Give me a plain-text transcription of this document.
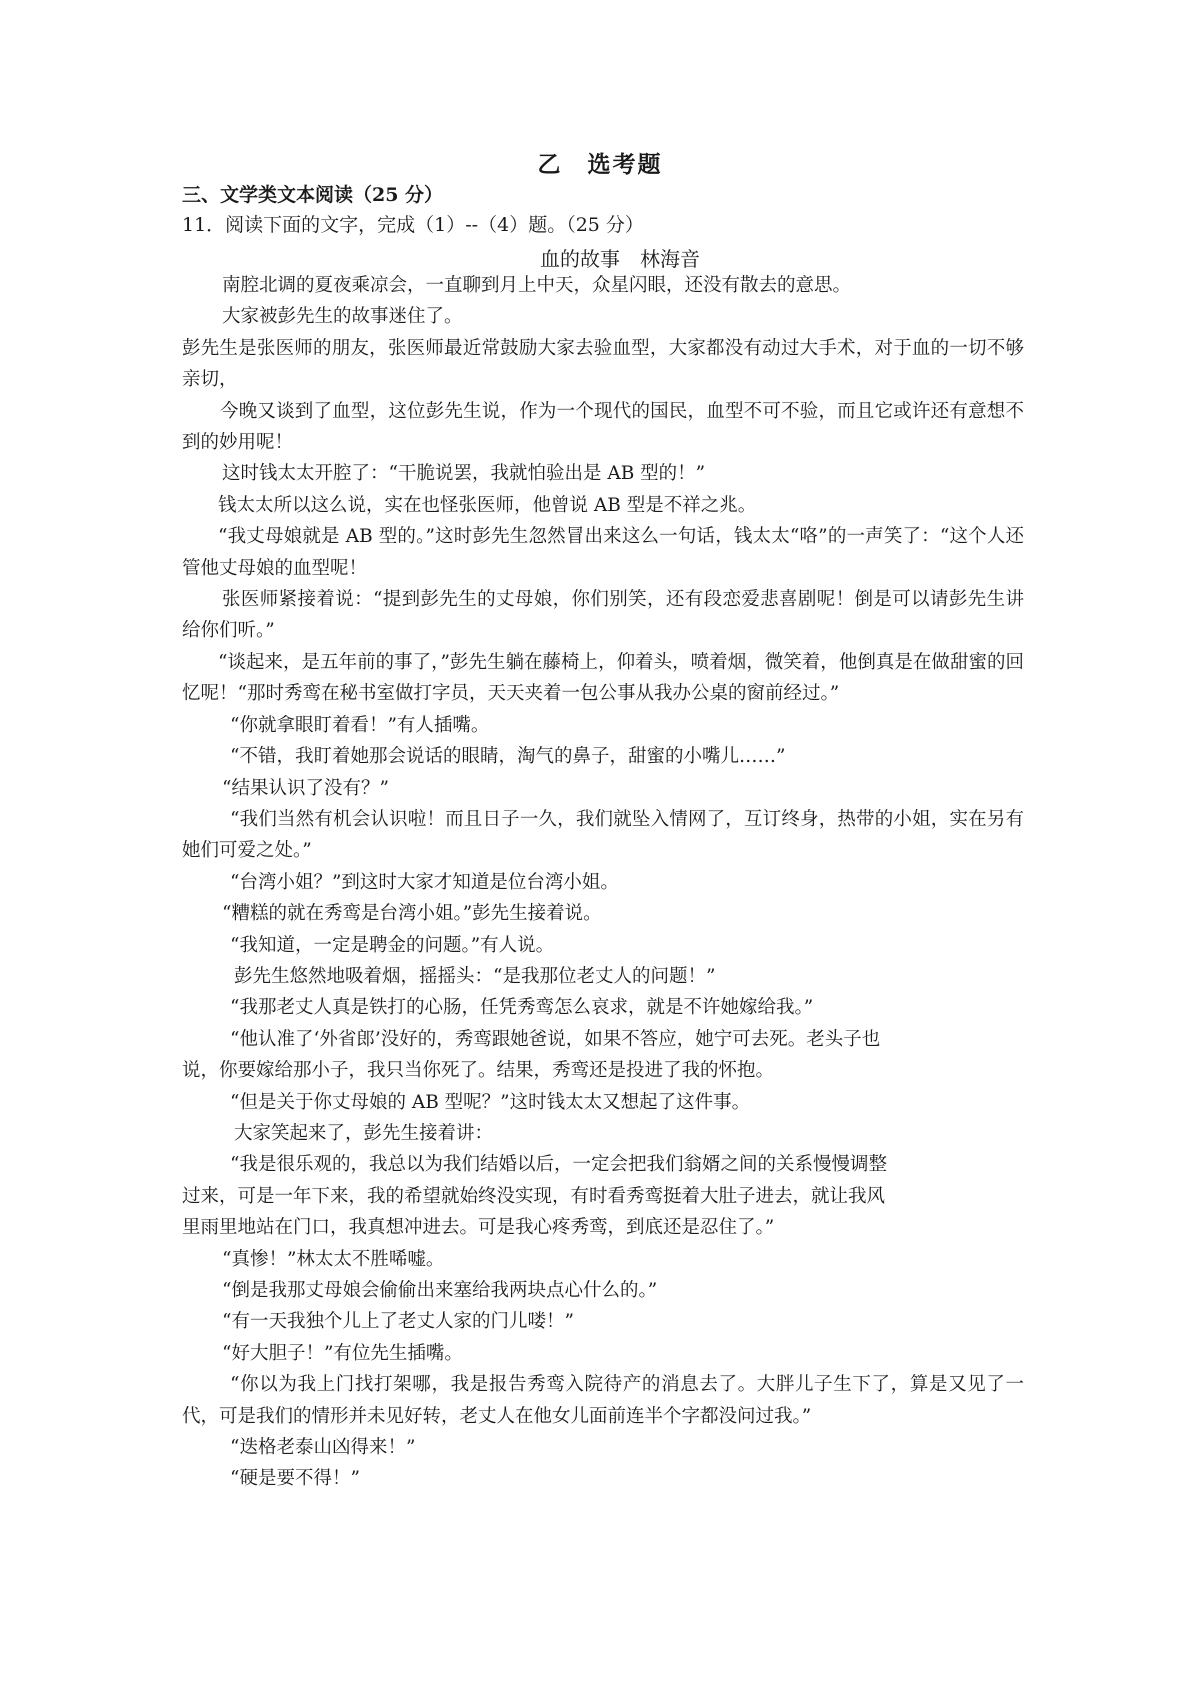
乙　选考题
三、文学类文本阅读（25 分）
11．阅读下面的文字，完成（1）--（4）题。（25 分）
血的故事　林海音

南腔北调的夏夜乘凉会，一直聊到月上中天，众星闪眼，还没有散去的意思。

大家被彭先生的故事迷住了。

彭先生是张医师的朋友，张医师最近常鼓励大家去验血型，大家都没有动过大手术，对于血的一切不够亲切，

今晚又谈到了血型，这位彭先生说，作为一个现代的国民，血型不可不验，而且它或许还有意想不到的妙用呢！

这时钱太太开腔了：“干脆说罢，我就怕验出是 AB 型的！”

钱太太所以这么说，实在也怪张医师，他曾说 AB 型是不祥之兆。

“我丈母娘就是 AB 型的。”这时彭先生忽然冒出来这么一句话，钱太太“咯”的一声笑了：“这个人还管他丈母娘的血型呢！

张医师紧接着说：“提到彭先生的丈母娘，你们别笑，还有段恋爱悲喜剧呢！倒是可以请彭先生讲给你们听。”

“谈起来，是五年前的事了，”彭先生躺在藤椅上，仰着头，喷着烟，微笑着，他倒真是在做甜蜜的回忆呢！“那时秀鸾在秘书室做打字员，天天夹着一包公事从我办公桌的窗前经过。”

“你就拿眼盯着看！”有人插嘴。

“不错，我盯着她那会说话的眼睛，淘气的鼻子，甜蜜的小嘴儿……”

“结果认识了没有？”

“我们当然有机会认识啦！而且日子一久，我们就坠入情网了，互订终身，热带的小姐，实在另有她们可爱之处。”

“台湾小姐？”到这时大家才知道是位台湾小姐。

“糟糕的就在秀鸾是台湾小姐。”彭先生接着说。

“我知道，一定是聘金的问题。”有人说。

彭先生悠然地吸着烟，摇摇头：“是我那位老丈人的问题！”

“我那老丈人真是铁打的心肠，任凭秀鸾怎么哀求，就是不许她嫁给我。”

“他认准了‘外省郎’没好的，秀鸾跟她爸说，如果不答应，她宁可去死。老头子也

说，你要嫁给那小子，我只当你死了。结果，秀鸾还是投进了我的怀抱。

“但是关于你丈母娘的 AB 型呢？”这时钱太太又想起了这件事。

大家笑起来了，彭先生接着讲：

“我是很乐观的，我总以为我们结婚以后，一定会把我们翁婿之间的关系慢慢调整

过来，可是一年下来，我的希望就始终没实现，有时看秀鸾挺着大肚子进去，就让我风

里雨里地站在门口，我真想冲进去。可是我心疼秀鸾，到底还是忍住了。”

“真惨！”林太太不胜唏嘘。

“倒是我那丈母娘会偷偷出来塞给我两块点心什么的。”

“有一天我独个儿上了老丈人家的门儿喽！”

“好大胆子！”有位先生插嘴。

“你以为我上门找打架哪，我是报告秀鸾入院待产的消息去了。大胖儿子生下了，算是又见了一代，可是我们的情形并未见好转，老丈人在他女儿面前连半个字都没问过我。”

“迭格老泰山凶得来！”

“硬是要不得！”
